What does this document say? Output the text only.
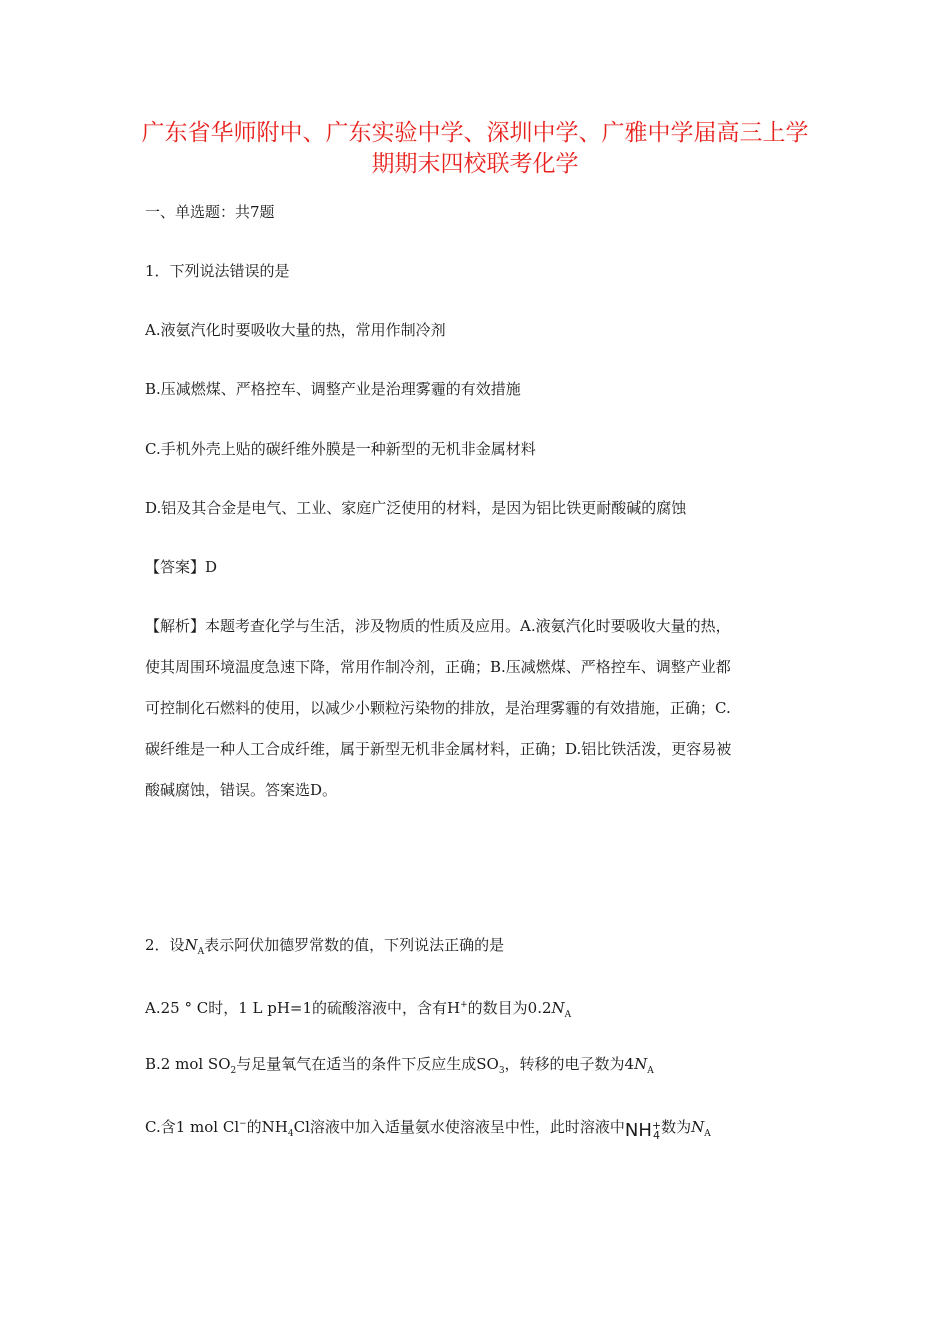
广东省华师附中、广东实验中学、深圳中学、广雅中学届高三上学
期期末四校联考化学
一、单选题：共7题
1．下列说法错误的是
A.液氨汽化时要吸收大量的热，常用作制冷剂
B.压减燃煤、严格控车、调整产业是治理雾霾的有效措施
C.手机外壳上贴的碳纤维外膜是一种新型的无机非金属材料
D.铝及其合金是电气、工业、家庭广泛使用的材料，是因为铝比铁更耐酸碱的腐蚀
【答案】D
【解析】本题考查化学与生活，涉及物质的性质及应用。A.液氨汽化时要吸收大量的热，
使其周围环境温度急速下降，常用作制冷剂，正确；B.压减燃煤、严格控车、调整产业都
可控制化石燃料的使用，以减少小颗粒污染物的排放，是治理雾霾的有效措施，正确；C.
碳纤维是一种人工合成纤维，属于新型无机非金属材料，正确；D.铝比铁活泼，更容易被
酸碱腐蚀，错误。答案选D。
2．设$N_A$表示阿伏加德罗常数的值，下列说法正确的是
A.25 ° C时，1 L pH=1的硫酸溶液中，含有H+的数目为$0.2N_A$
B.2 mol $SO_2$与足量氧气在适当的条件下反应生成$SO_3$，转移的电子数为$4N_A$
C.含1 mol Cl−的$NH_4Cl$溶液中加入适量氨水使溶液呈中性，此时溶液中NH +
4 数为$N_A$
